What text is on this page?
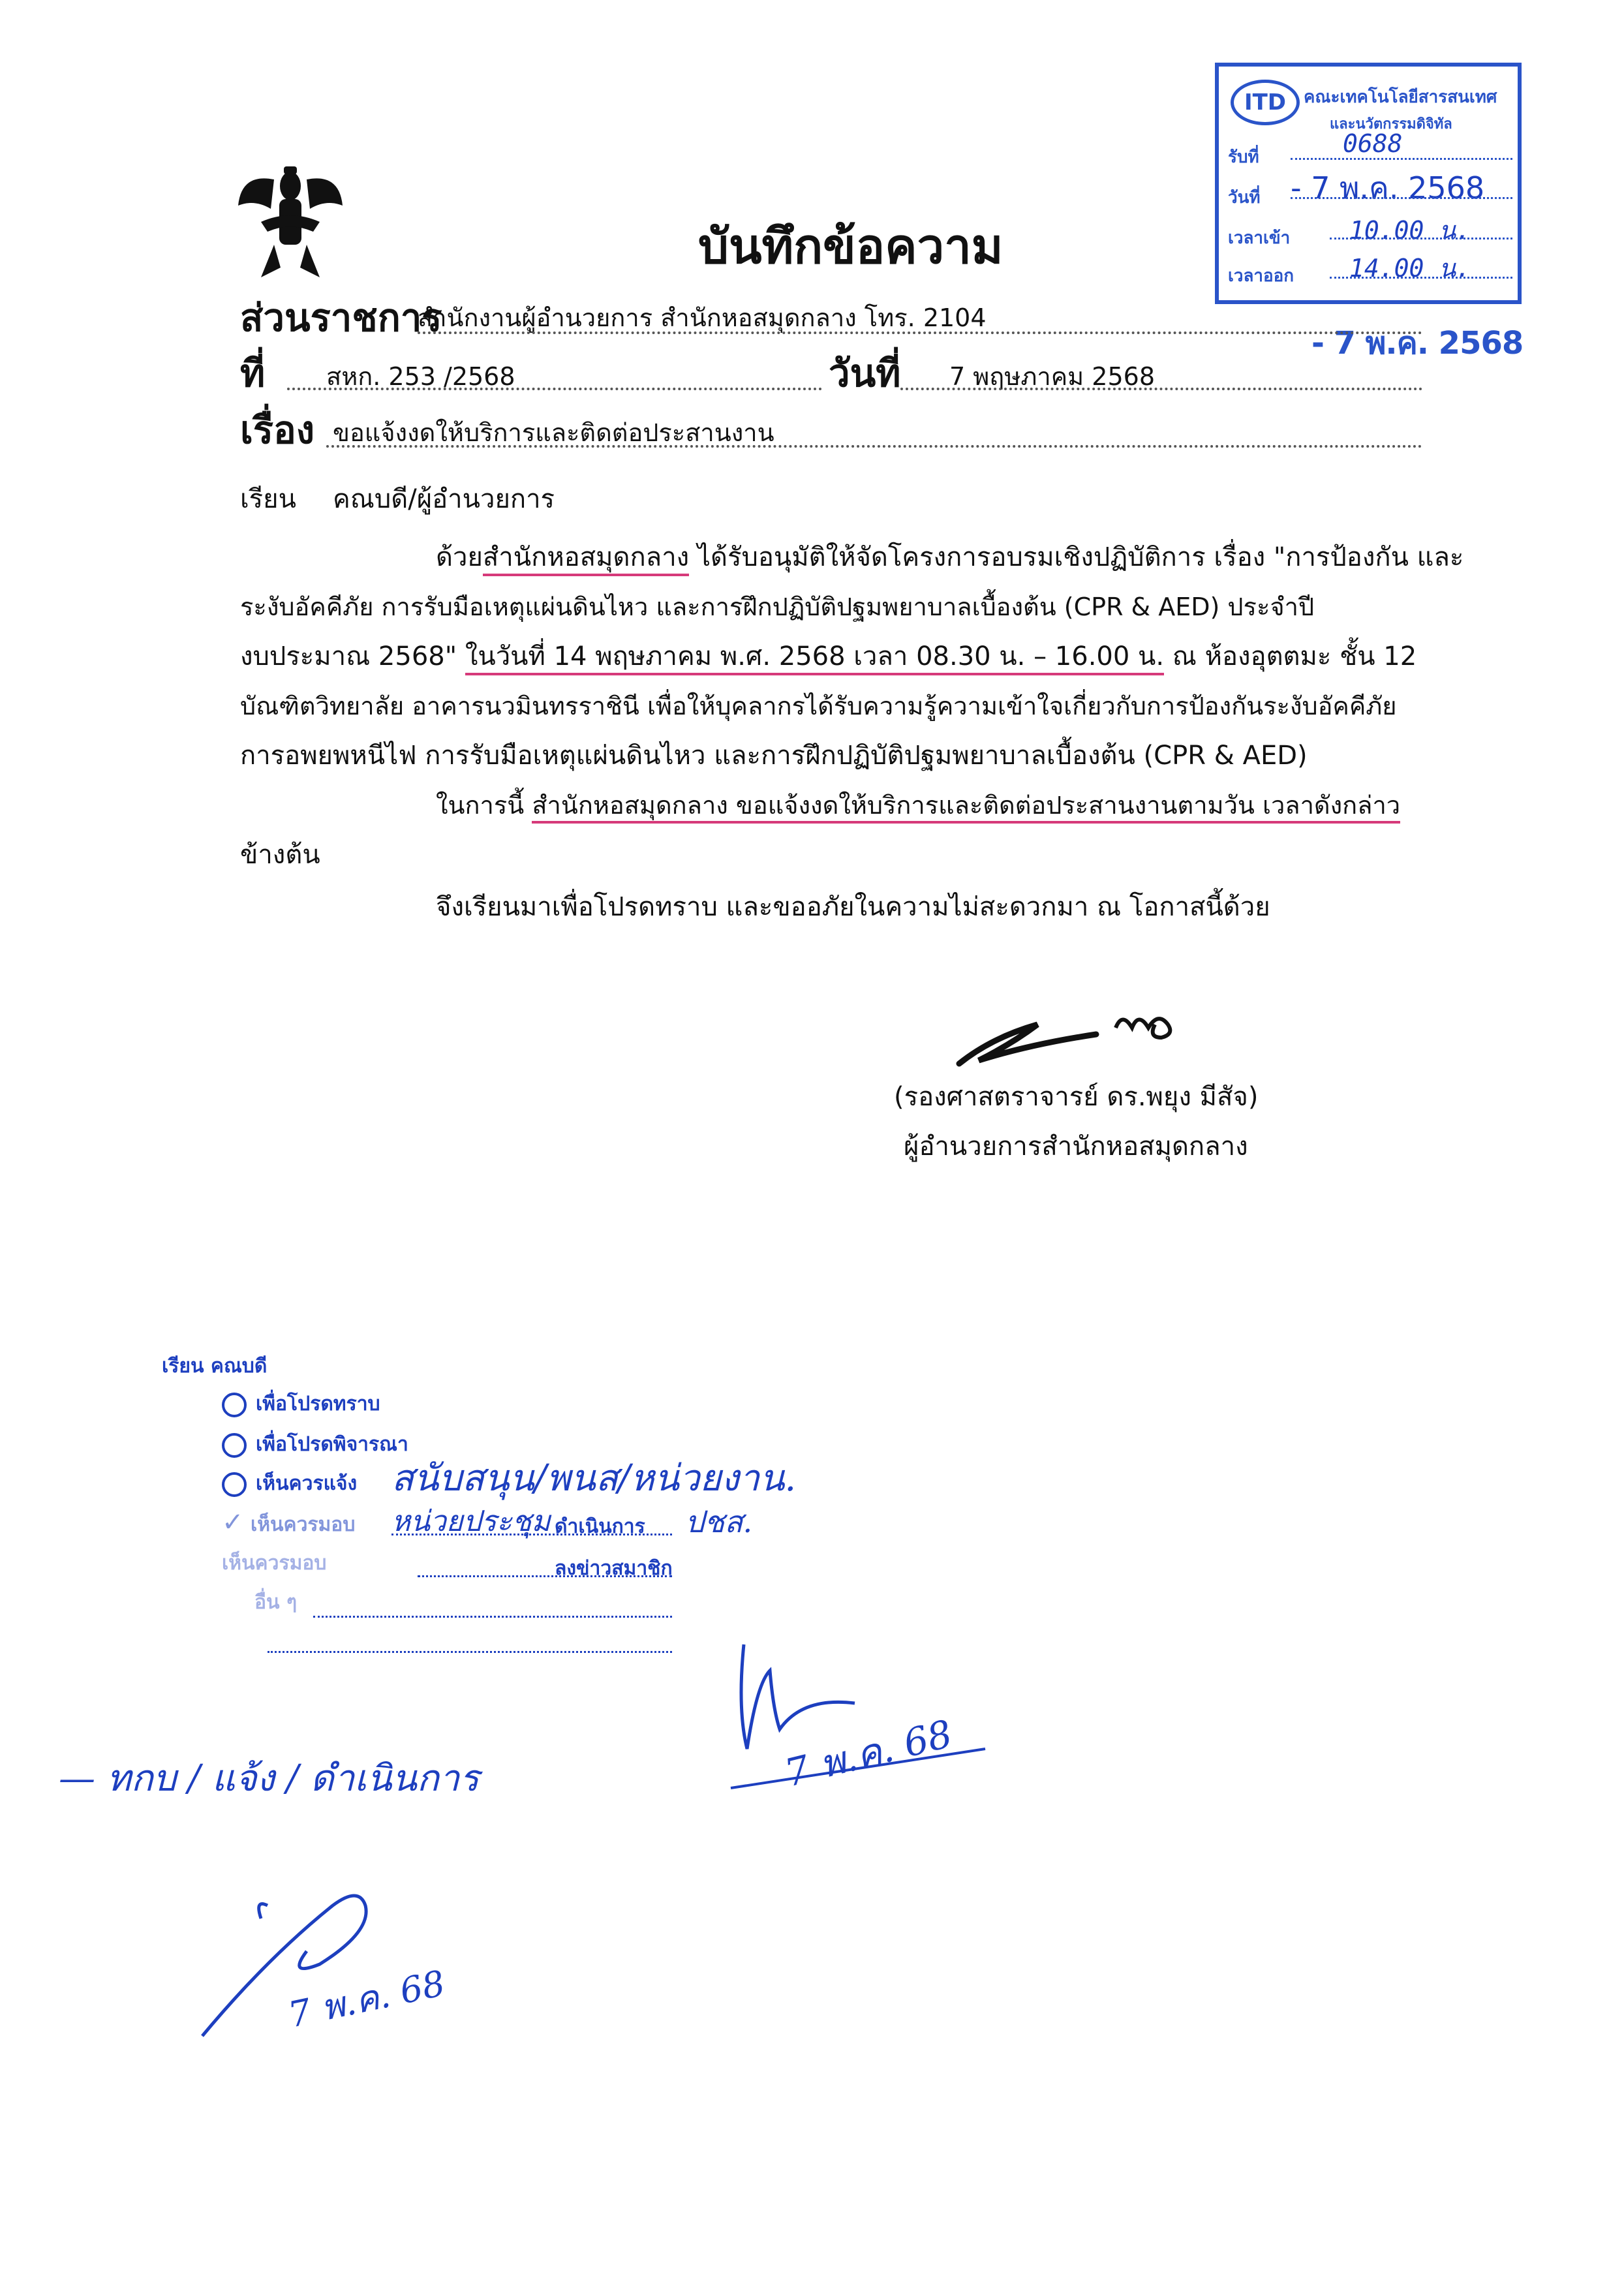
บันทึกข้อความ
ITD	คณะเทคโนโลยีสารสนเทศ
และนวัตกรรมดิจิทัล
รับที่	0688
วันที่ - 7 พ.ค. 2568
เวลาเข้า 10.00 น.
เวลาออก 14.00 น.
- 7 พ.ค. 2568
ส่วนราชการ
สำนักงานผู้อำนวยการ สำนักหอสมุดกลาง โทร. 2104
ที่ สหก. 253 /2568	วันที่ 7 พฤษภาคม 2568
เรื่อง ขอแจ้งงดให้บริการและติดต่อประสานงาน
เรียน คณบดี/ผู้อำนวยการ
ด้วยสำนักหอสมุดกลาง ได้รับอนุมัติให้จัดโครงการอบรมเชิงปฏิบัติการ เรื่อง "การป้องกัน และ
ระงับอัคคีภัย การรับมือเหตุแผ่นดินไหว และการฝึกปฏิบัติปฐมพยาบาลเบื้องต้น (CPR & AED) ประจำปี
งบประมาณ 2568" ในวันที่ 14 พฤษภาคม พ.ศ. 2568 เวลา 08.30 น. – 16.00 น. ณ ห้องอุตตมะ ชั้น 12
บัณฑิตวิทยาลัย อาคารนวมินทรราชินี เพื่อให้บุคลากรได้รับความรู้ความเข้าใจเกี่ยวกับการป้องกันระงับอัคคีภัย
การอพยพหนีไฟ การรับมือเหตุแผ่นดินไหว และการฝึกปฏิบัติปฐมพยาบาลเบื้องต้น (CPR & AED)
ในการนี้ สำนักหอสมุดกลาง ขอแจ้งงดให้บริการและติดต่อประสานงานตามวัน เวลาดังกล่าว
ข้างต้น
จึงเรียนมาเพื่อโปรดทราบ และขออภัยในความไม่สะดวกมา ณ โอกาสนี้ด้วย
(รองศาสตราจารย์ ดร.พยุง มีสัจ)
ผู้อำนวยการสำนักหอสมุดกลาง
เรียน คณบดี
เพื่อโปรดทราบ
เพื่อโปรดพิจารณา
เห็นควรแจ้ง สนับสนุน/พนส/หน่วยงาน.
✓ เห็นควรมอบ หน่วยประชุม ดำเนินการ ปชส.
เห็นควรมอบ	ลงข่าวสมาชิก
อื่น ๆ
7 พ.ค. 68
— ทกบ / แจ้ง / ดำเนินการ
7 พ.ค. 68
